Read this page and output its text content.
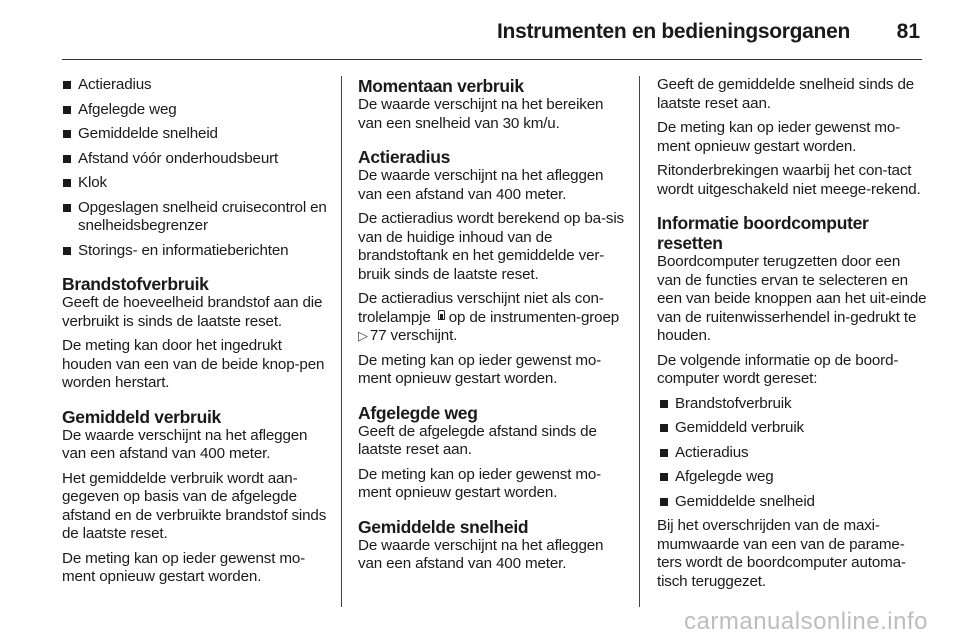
Instrumenten en bedieningsorganen 81
Actieradius
Afgelegde weg
Gemiddelde snelheid
Afstand vóór onderhoudsbeurt
Klok
Opgeslagen snelheid cruisecontrol en snelheidsbegrenzer
Storings- en informatieberichten
Brandstofverbruik

Geeft de hoeveelheid brandstof aan die verbruikt is sinds de laatste reset.

De meting kan door het ingedrukt houden van een van de beide knop-pen worden herstart.

Gemiddeld verbruik

De waarde verschijnt na het afleggen van een afstand van 400 meter.

Het gemiddelde verbruik wordt aan-gegeven op basis van de afgelegde afstand en de verbruikte brandstof sinds de laatste reset.

De meting kan op ieder gewenst mo-ment opnieuw gestart worden.

Momentaan verbruik

De waarde verschijnt na het bereiken van een snelheid van 30 km/u.

Actieradius

De waarde verschijnt na het afleggen van een afstand van 400 meter.

De actieradius wordt berekend op ba-sis van de huidige inhoud van de brandstoftank en het gemiddelde ver-bruik sinds de laatste reset.

De actieradius verschijnt niet als con-trolelampje op de instrumenten-groep ▷ 77 verschijnt.

De meting kan op ieder gewenst mo-ment opnieuw gestart worden.

Afgelegde weg

Geeft de afgelegde afstand sinds de laatste reset aan.

De meting kan op ieder gewenst mo-ment opnieuw gestart worden.

Gemiddelde snelheid

De waarde verschijnt na het afleggen van een afstand van 400 meter.

Geeft de gemiddelde snelheid sinds de laatste reset aan.

De meting kan op ieder gewenst mo-ment opnieuw gestart worden.

Ritonderbrekingen waarbij het con-tact wordt uitgeschakeld niet meege-rekend.

Informatie boordcomputer resetten

Boordcomputer terugzetten door een van de functies ervan te selecteren en een van beide knoppen aan het uit-einde van de ruitenwisserhendel in-gedrukt te houden.

De volgende informatie op de boord-computer wordt gereset:

Brandstofverbruik
Gemiddeld verbruik
Actieradius
Afgelegde weg
Gemiddelde snelheid

Bij het overschrijden van de maxi-mumwaarde van een van de parame-ters wordt de boordcomputer automa-tisch teruggezet.

carmanualsonline.info
